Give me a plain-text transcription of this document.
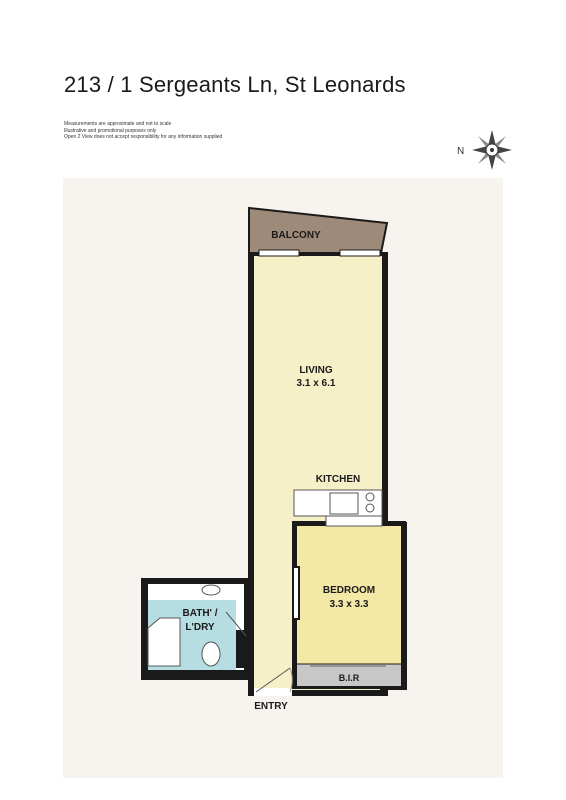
213 / 1 Sergeants Ln, St Leonards
Measurements are approximate and not to scale
Illustrative and promotional purposes only
Open 2 View does not accept responsibility for any information supplied
N
BALCONY
LIVING
3.1 x 6.1
KITCHEN
BEDROOM
3.3 x 3.3
BATH' /
L'DRY
B.I.R
ENTRY
